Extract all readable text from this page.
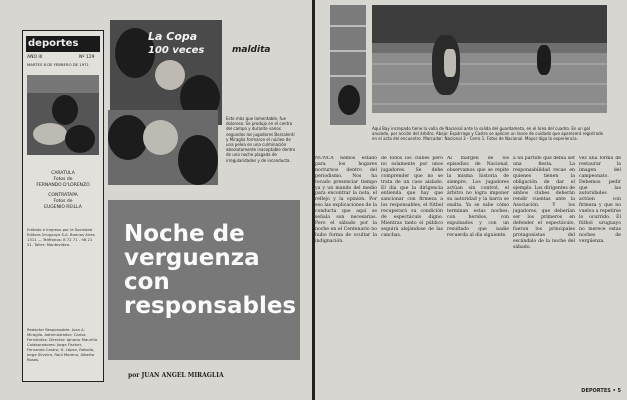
deportes
AÑO III	Nº 129
MARTES 8 DE FEBRERO DE 1971
CARATULA
Fotos de
FERNANDO D'LORENZO
CONTRATAPA
Fotos de
EUGENIO REILLA
Editado e impreso por la Sociedad Editora Uruguaya S.A. Buenos Aires 1311 — Teléfonos: 8 72 71 - 98 21 21. Taller: Montevideo.
Redactor Responsable: Juan A. Miraglia. Administrador: Carlos Fernández. Director: Ignacio Mauriño. Colaboradores: Jorge Fischer, Fernando Castro, H. López, Rebollo, Jorge Silveira, Raúl Moreno, Alberto Rosas.
La Copa
100 veces	maldita
Esto más que lamentable, fue doloroso. Se produjo en el centro del campo y durante varios segundos los jugadores Borsalenti y Miraglia formaron el núcleo de una pelea en una culminación absolutamente inaceptable dentro de una noche plagada de irregularidades y de inconducta.
Noche de verguenza con responsables
por JUAN ANGEL MIRAGLIA
Aquí Bay increpado tiene la valla de Nacional ante la salida del guardameta, en el área del cuadro. En un gol anulado, por acción del árbitro. Abajo: Espárrago y Castro se aplican un lance de cuidado que aparecerá registrado en el acta del encuentro. Marcador: Nacional 3 - Cerro 1. Fotos de Nacional. Mayor diga la experiencia.
NUNCA hemos estado para los hogares nocturnos dentro del periodismo. Nos ha tocado presenciar tiempo ya y un mundo del medio para encontrar la nota, el reflejo y la opinión. Por eso las explicaciones de la conducta que aquí se señala son necesarias. Pero el sábado por la noche en el Centenario no hubo forma de ocultar la indignación.
de todos los clubes pero no solamente por unos jugadores. Se debe comprender que no se trata de un caso aislado. El día que la dirigencia entienda que hay que sancionar con firmeza a los responsables, el fútbol recuperará su condición de espectáculo digno. Mientras tanto el público seguirá alejándose de las canchas.
Al margen de los episodios de Nacional, observamos que se repite la misma historia de siempre. Los jugadores actúan sin control, el árbitro no logra imponer su autoridad y la barra se exalta. Ya se sabe cómo terminan estas noches: con heridos, con expulsados y con un resultado que nadie recuerda al día siguiente.
a un partido que debía ser una fiesta. La responsabilidad recae en quienes tienen la obligación de dar el ejemplo. Los dirigentes de ambos clubes deberán rendir cuentas ante la Asociación. Y los jugadores, que deberían ser los primeros en defender el espectáculo, fueron los principales protagonistas del escándalo de la noche del sábado.
vez una forma de restaurar la imagen del campeonato. Debemos pedir que las autoridades actúen con firmeza y que no vuelva a repetirse lo ocurrido. El fútbol uruguayo no merece estas noches de vergüenza.
DEPORTES • 5
